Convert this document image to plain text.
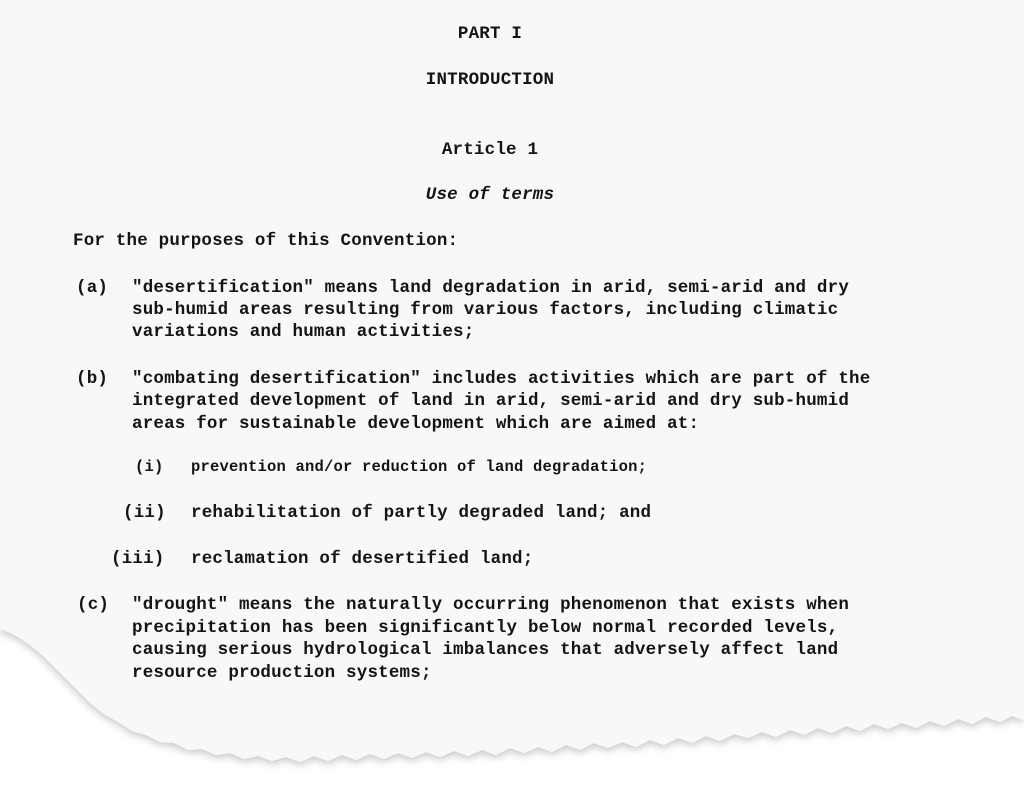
PART I
INTRODUCTION
Article 1
Use of terms
For the purposes of this Convention:
(a) "desertification" means land degradation in arid, semi-arid and dry
sub-humid areas resulting from various factors, including climatic
variations and human activities;
(b) "combating desertification" includes activities which are part of the
integrated development of land in arid, semi-arid and dry sub-humid
areas for sustainable development which are aimed at:
(i) prevention and/or reduction of land degradation;
(ii) rehabilitation of partly degraded land; and
(iii) reclamation of desertified land;
(c) "drought" means the naturally occurring phenomenon that exists when
precipitation has been significantly below normal recorded levels,
causing serious hydrological imbalances that adversely affect land
resource production systems;
